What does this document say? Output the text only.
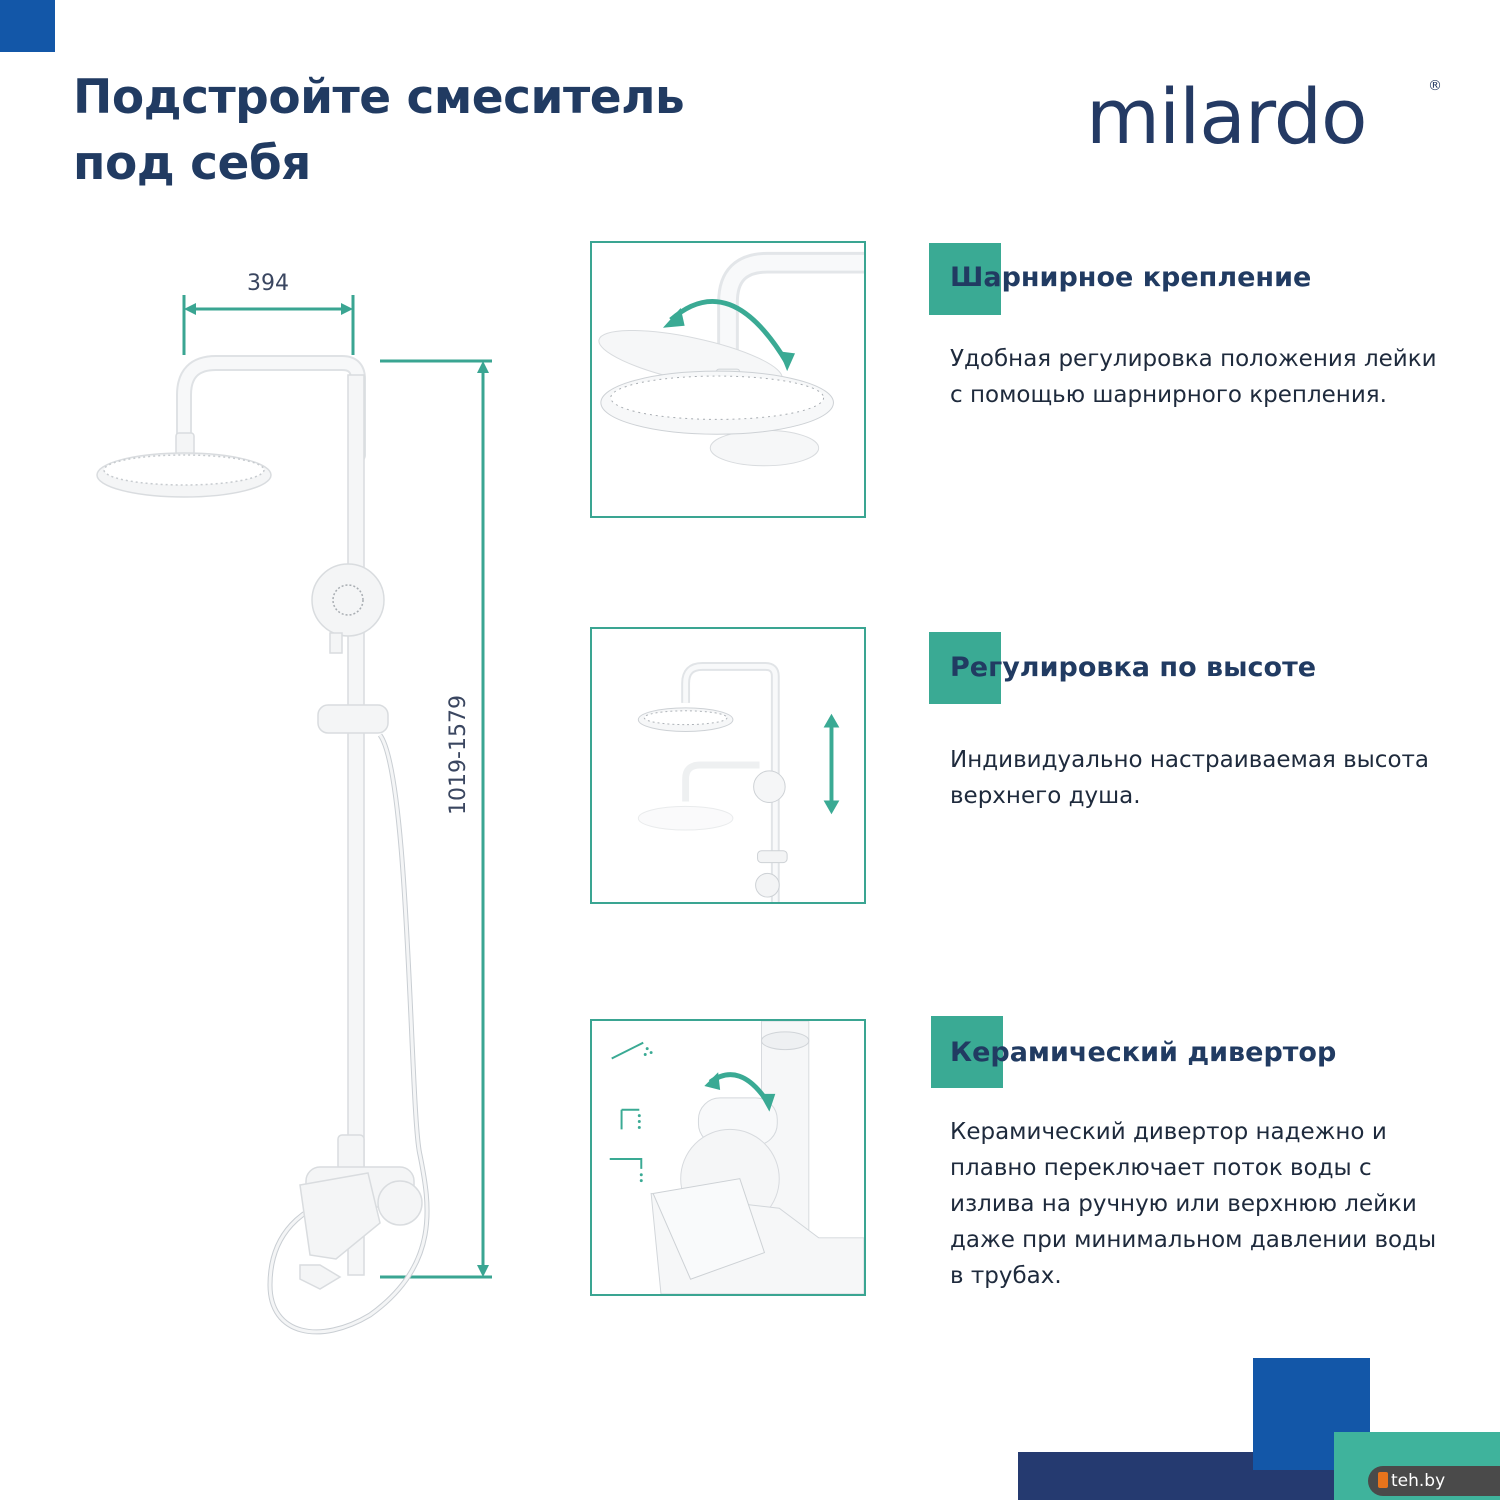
Подстройте смеситель
под себя
milardo	®
394
1019-1579
Шарнирное крепление

Удобная регулировка положения лейки с помощью шарнирного крепления.

Регулировка по высоте

Индивидуально настраиваемая высота верхнего душа.

Керамический дивертор

Керамический дивертор надежно и плавно переключает поток воды с излива на ручную или верхнюю лейки даже при минимальном давлении воды в трубах.

teh.by
